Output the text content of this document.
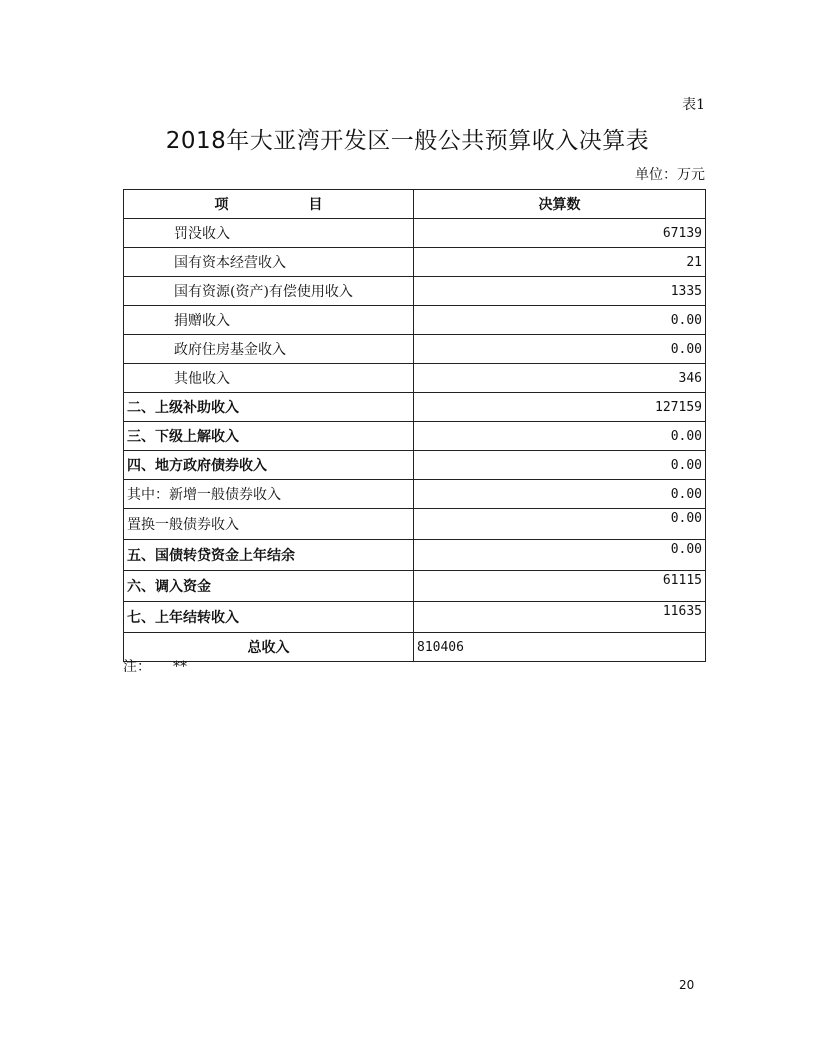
表1
2018年大亚湾开发区一般公共预算收入决算表
单位：万元
项 目	决算数
罚没收入	67139
国有资本经营收入	21
国有资源(资产)有偿使用收入	1335
捐赠收入	0.00
政府住房基金收入	0.00
其他收入	346
二、上级补助收入	127159
三、下级上解收入	0.00
四、地方政府债券收入	0.00
其中：新增一般债券收入	0.00
置换一般债券收入	0.00
五、国债转贷资金上年结余	0.00
六、调入资金	61115
七、上年结转收入	11635
总收入	810406
注： **
20
